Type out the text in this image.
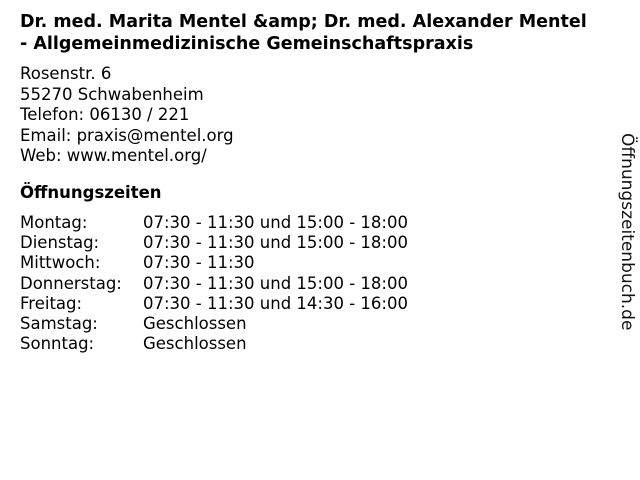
Dr. med. Marita Mentel &amp; Dr. med. Alexander Mentel - Allgemeinmedizinische Gemeinschaftspraxis
Rosenstr. 6
55270 Schwabenheim
Telefon: 06130 / 221
Email: praxis@mentel.org
Web: www.mentel.org/
Öffnungszeiten
Montag:	07:30 - 11:30 und 15:00 - 18:00
Dienstag:	07:30 - 11:30 und 15:00 - 18:00
Mittwoch:	07:30 - 11:30
Donnerstag:	07:30 - 11:30 und 15:00 - 18:00
Freitag:	07:30 - 11:30 und 14:30 - 16:00
Samstag:	Geschlossen
Sonntag:	Geschlossen
Öffnungszeitenbuch.de
